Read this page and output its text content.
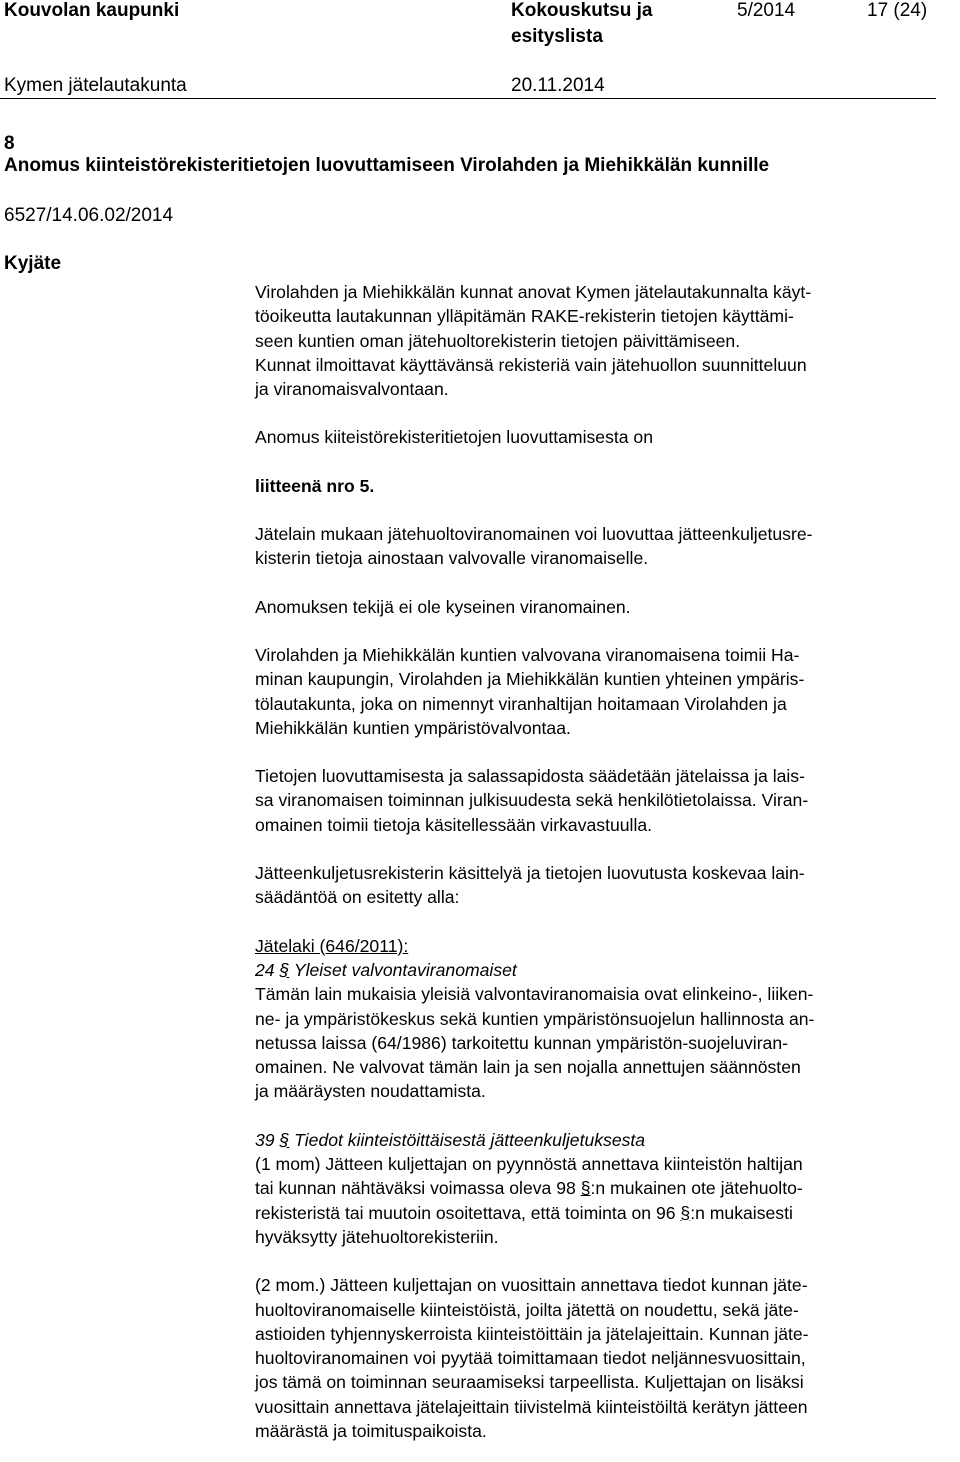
Kouvolan kaupunki	Kokouskutsu ja
esityslista
5/2014	17 (24)
Kymen jätelautakunta	20.11.2014
8
Anomus kiinteistörekisteritietojen luovuttamiseen Virolahden ja Miehikkälän kunnille
6527/14.06.02/2014
Kyjäte

Virolahden ja Miehikkälän kunnat anovat Kymen jätelautakunnalta käyt-
töoikeutta lautakunnan ylläpitämän RAKE-rekisterin tietojen käyttämi-
seen kuntien oman jätehuoltorekisterin tietojen päivittämiseen.
Kunnat ilmoittavat käyttävänsä rekisteriä vain jätehuollon suunnitteluun
ja viranomaisvalvontaan.

Anomus kiiteistörekisteritietojen luovuttamisesta on

liitteenä nro 5.

Jätelain mukaan jätehuoltoviranomainen voi luovuttaa jätteenkuljetusre-
kisterin tietoja ainostaan valvovalle viranomaiselle.

Anomuksen tekijä ei ole kyseinen viranomainen.

Virolahden ja Miehikkälän kuntien valvovana viranomaisena toimii Ha-
minan kaupungin, Virolahden ja Miehikkälän kuntien yhteinen ympäris-
tölautakunta, joka on nimennyt viranhaltijan hoitamaan Virolahden ja
Miehikkälän kuntien ympäristövalvontaa.

Tietojen luovuttamisesta ja salassapidosta säädetään jätelaissa ja lais-
sa viranomaisen toiminnan julkisuudesta sekä henkilötietolaissa. Viran-
omainen toimii tietoja käsitellessään virkavastuulla.

Jätteenkuljetusrekisterin käsittelyä ja tietojen luovutusta koskevaa lain-
säädäntöä on esitetty alla:

Jätelaki (646/2011):
24 § Yleiset valvontaviranomaiset
Tämän lain mukaisia yleisiä valvontaviranomaisia ovat elinkeino-, liiken-
ne- ja ympäristökeskus sekä kuntien ympäristönsuojelun hallinnosta an-
netussa laissa (64/1986) tarkoitettu kunnan ympäristön-suojeluviran-
omainen. Ne valvovat tämän lain ja sen nojalla annettujen säännösten
ja määräysten noudattamista.

39 § Tiedot kiinteistöittäisestä jätteenkuljetuksesta
(1 mom) Jätteen kuljettajan on pyynnöstä annettava kiinteistön haltijan
tai kunnan nähtäväksi voimassa oleva 98 §:n mukainen ote jätehuolto-
rekisteristä tai muutoin osoitettava, että toiminta on 96 §:n mukaisesti
hyväksytty jätehuoltorekisteriin.

(2 mom.) Jätteen kuljettajan on vuosittain annettava tiedot kunnan jäte-
huoltoviranomaiselle kiinteistöistä, joilta jätettä on noudettu, sekä jäte-
astioiden tyhjennyskerroista kiinteistöittäin ja jätelajeittain. Kunnan jäte-
huoltoviranomainen voi pyytää toimittamaan tiedot neljännesvuosittain,
jos tämä on toiminnan seuraamiseksi tarpeellista. Kuljettajan on lisäksi
vuosittain annettava jätelajeittain tiivistelmä kiinteistöiltä kerätyn jätteen
määrästä ja toimituspaikoista.
